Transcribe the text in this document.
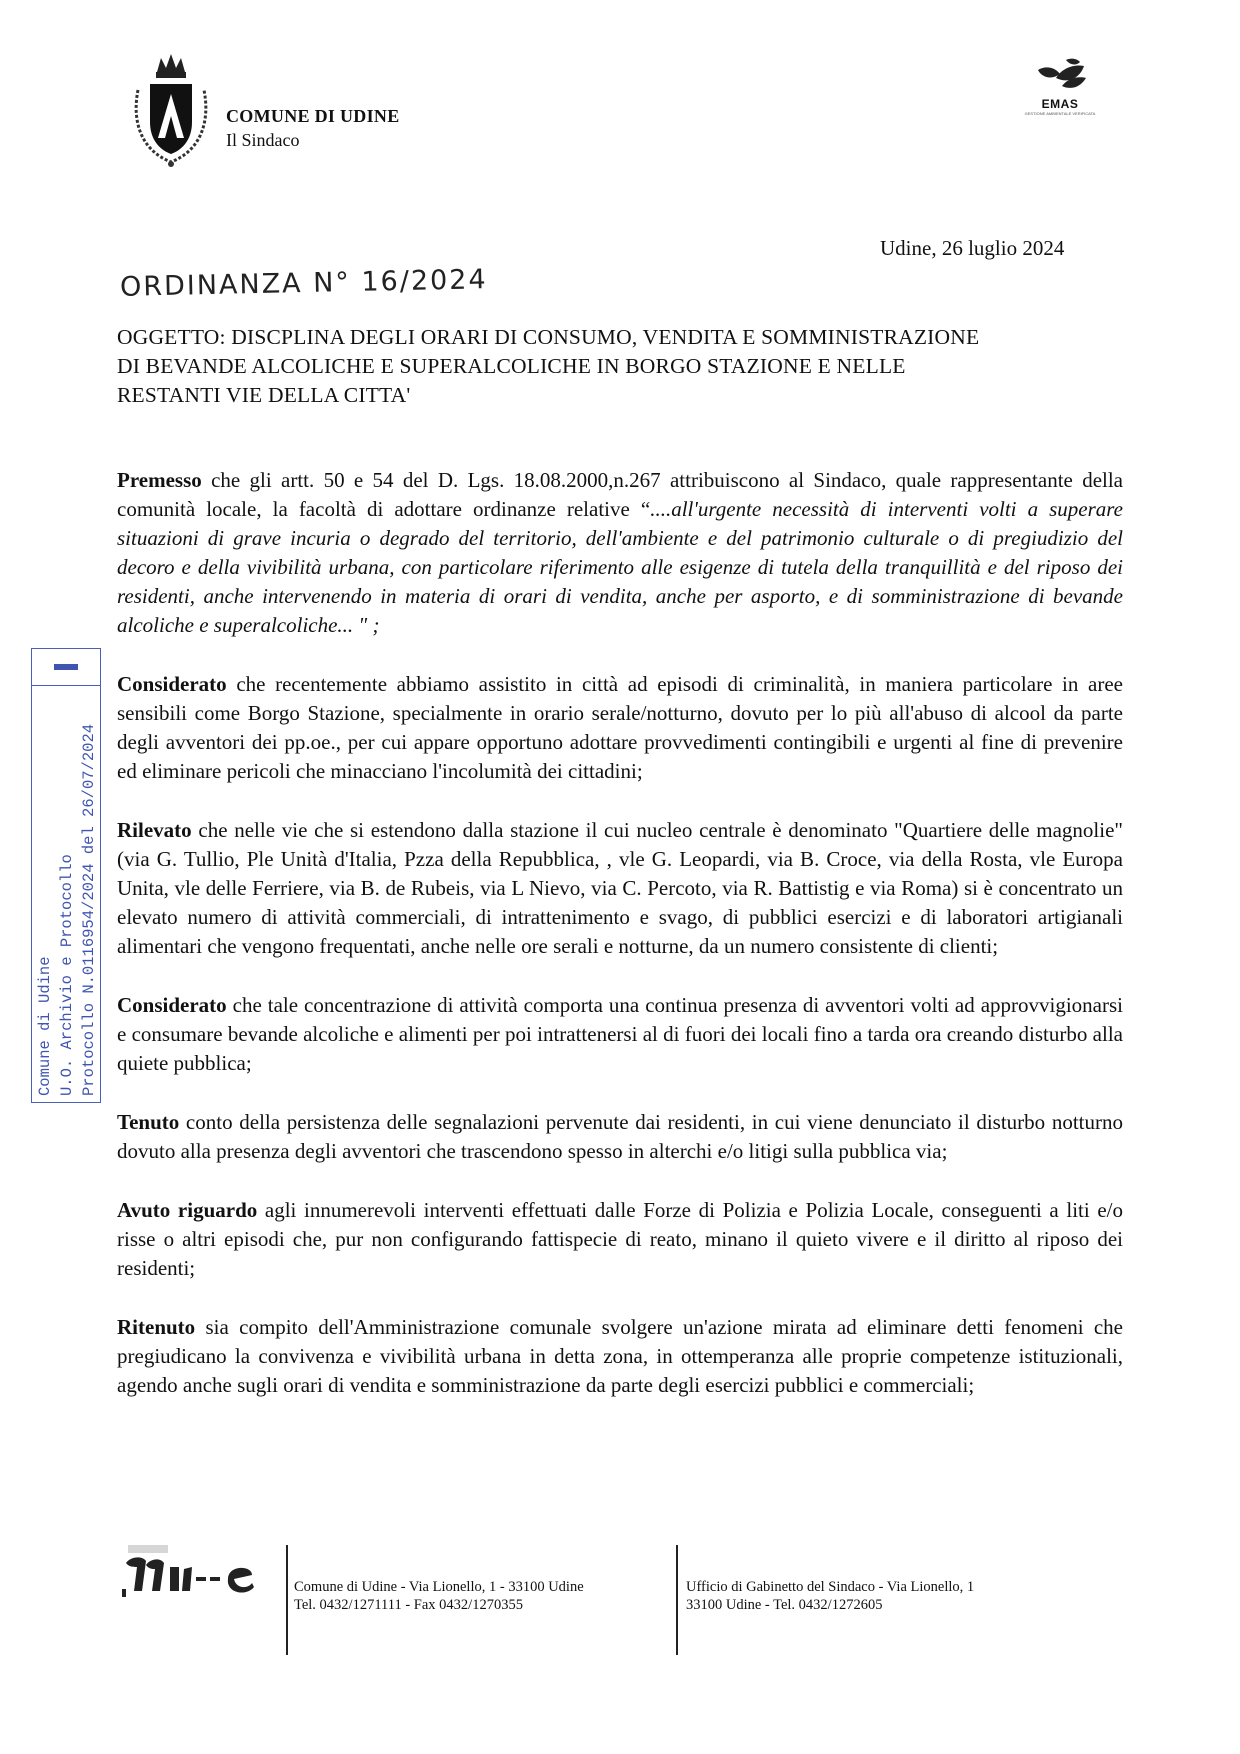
COMUNE DI UDINE
Il Sindaco
EMAS
GESTIONE AMBIENTALE VERIFICATA
Udine, 26 luglio 2024
ORDINANZA N° 16/2024
OGGETTO: DISCPLINA DEGLI ORARI DI CONSUMO, VENDITA E SOMMINISTRAZIONE
DI BEVANDE ALCOLICHE E SUPERALCOLICHE IN BORGO STAZIONE E NELLE
RESTANTI VIE DELLA CITTA'

Premesso che gli artt. 50 e 54 del D. Lgs. 18.08.2000,n.267 attribuiscono al Sindaco, quale rappresentante della comunità locale, la facoltà di adottare ordinanze relative “....all'urgente necessità di interventi volti a superare situazioni di grave incuria o degrado del territorio, dell'ambiente e del patrimonio culturale o di pregiudizio del decoro e della vivibilità urbana, con particolare riferimento alle esigenze di tutela della tranquillità e del riposo dei residenti, anche intervenendo in materia di orari di vendita, anche per asporto, e di somministrazione di bevande alcoliche e superalcoliche... " ;

Considerato che recentemente abbiamo assistito in città ad episodi di criminalità, in maniera particolare in aree sensibili come Borgo Stazione, specialmente in orario serale/notturno, dovuto per lo più all'abuso di alcool da parte degli avventori dei pp.oe., per cui appare opportuno adottare provvedimenti contingibili e urgenti al fine di prevenire ed eliminare pericoli che minacciano l'incolumità dei cittadini;

Rilevato che nelle vie che si estendono dalla stazione il cui nucleo centrale è denominato "Quartiere delle magnolie" (via G. Tullio, Ple Unità d'Italia, Pzza della Repubblica, , vle G. Leopardi, via B. Croce, via della Rosta, vle Europa Unita, vle delle Ferriere, via B. de Rubeis, via L Nievo, via C. Percoto, via R. Battistig e via Roma) si è concentrato un elevato numero di attività commerciali, di intrattenimento e svago, di pubblici esercizi e di laboratori artigianali alimentari che vengono frequentati, anche nelle ore serali e notturne, da un numero consistente di clienti;

Considerato che tale concentrazione di attività comporta una continua presenza di avventori volti ad approvvigionarsi e consumare bevande alcoliche e alimenti per poi intrattenersi al di fuori dei locali fino a tarda ora creando disturbo alla quiete pubblica;

Tenuto conto della persistenza delle segnalazioni pervenute dai residenti, in cui viene denunciato il disturbo notturno dovuto alla presenza degli avventori che trascendono spesso in alterchi e/o litigi sulla pubblica via;

Avuto riguardo agli innumerevoli interventi effettuati dalle Forze di Polizia e Polizia Locale, conseguenti a liti e/o risse o altri episodi che, pur non configurando fattispecie di reato, minano il quieto vivere e il diritto al riposo dei residenti;

Ritenuto sia compito dell'Amministrazione comunale svolgere un'azione mirata ad eliminare detti fenomeni che pregiudicano la convivenza e vivibilità urbana in detta zona, in ottemperanza alle proprie competenze istituzionali, agendo anche sugli orari di vendita e somministrazione da parte degli esercizi pubblici e commerciali;

Comune di Udine U.O. Archivio e Protocollo Protocollo N.0116954/2024 del 26/07/2024
Comune di Udine - Via Lionello, 1 - 33100 Udine
Tel. 0432/1271111 - Fax 0432/1270355
Ufficio di Gabinetto del Sindaco - Via Lionello, 1
33100 Udine - Tel. 0432/1272605
